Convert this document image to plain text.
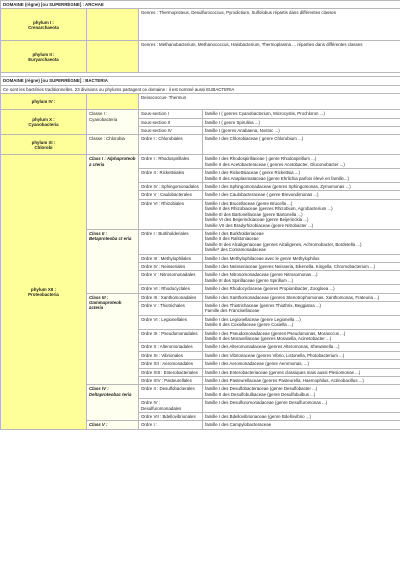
DOMAINE (règne) [ou SUPERRÈGNE] : ARCHAE			
phylum I :
Crenarchaeota		Genres : Thermoproteus, Desulfurococcus, Pyrodictium, Sulfolobus répartis dans différentes classes	
phylum II :
Euryarchaeota		Genres : Methanobacterium, Methanococcus, Halobacterium, Thermoplasma ... réparties dans différentes classes	

DOMAINE (règne) [ou SUPERRÈGNE] : BACTERIA			
Ce sont les bactéries traditionnelles. 23 divisions ou phylums partagent ce domaine : il est nommé aussi EUBACTERIA			
phylum IV :		Deinococcus- Thermus	
phylum X :
Cyanobacteria	Classe I : Cyanobacteria	Sous-section I	famille I ( genres Cyanobacterium, Microcystis, Prochloron ...)
		Sous-section II	famille I ( genre Spirulina ...)
		Sous-section IV	famille I (genres Anabaena, Nostoc ...)
phylum XI :
Chlorobi	Classe : Chlorobia	Ordre I : Chlorobiales	famille I des Chlorobiaceae ( genre Chlorobium ...)
phylum XII :
Proteobacteria	Class I : Alphaproteob a cteria	Ordre I : Rhodospirillales	famille I des Rhodospirillaceae ( genre Rhodospirillum ...)
famille II des Acetobacteraceae ( genres Acetobacter, Gluconobacter ...)
		Ordre II : Rickettsiales	famille I des Rickettsiaceae ( genre Rickettsia ...)
famille II des Anaplasmataceae (genre Ehrlichia parfois élevé en famille...)
		Ordre IV : Sphingomonadales	famille I des Sphingomonadaceae (genres Sphingomonas, Zymomonas ...)
		Ordre V : Caulobacterales	famille I des Caulobacteraceae ( genre Brevundimonas ...)
		Ordre VI : Rhizobiales	famille I des Brucellaceae (genre Brucella ...)
famille II des Rhizobiaceae (genres Rhizobium, Agrobacterium ...)
famille III des Bartonellaceae (genre Bartonella ...)
famille VI des Beijerinckiaceae (genre Beijerinckia ...)
famille VII des Bradyrhizobiaceae (genre Nitrobacter ...)
	Class II : Betaproteoba ct eria	Ordre I : Burkholderiales	famille I des Burkholderiaceae
famille II des Ralstoniaceae
famille III des Alcaligenaceae (genres Alcaligenes, Achromobacter, Bordetella ...)
famille* des Comamonadaceae
		Ordre III : Methylophilales	famille I des Methylophilaceae avec le genre Methylophilus
		Ordre IV : Neisseriales	famille I des Neisseriaceae (genres Neisseria, Eikenella, Kingella, Chromobacterium ...)
		Ordre V : Nitrosomonadales	famille I des Nitrosomonadaceae (genre Nitrosomonas ...)
famille III des Spirillaceae (genre Spirillum ...)
		Ordre VI : Rhodocyclales	famille I des Rhodocyclaceae (genres Propionibacter, Zoogloea ...)
	Class III : Gammaproteob acteria	Ordre III : Xanthomonadales	famille I des Xanthomonadaceae (genres Stenotrophomonas, Xanthomonas, Frateuria ...)
		Ordre V : Thiotrichales	famille I des Thiotrichaceae (genres Thiothrix, Beggiatoa ...)
Famille des Francisellaceae
		Ordre VI : Legionellales	famille I des Legionellaceae (genre Legionella ...)
famille II des Coxiellaceae (genre Coxiella ...)
		Ordre IX : Pseudomonadales	famille I des Pseudomonadaceae (genres Pseudomonas, Moraxccus ...)
famille II des Moraxellaceae (genres Moraxella, Acinetobacter ...)
		Ordre X : Alteromonadales	famille I des Alteromonadaceae (genres Alteromonas, Shewanella ...)
		Ordre XI : Vibrionales	famille I des Vibrionaceae (genres Vibrio, Listonella, Photobacterium ...)
		Ordre XII : Aeromonadales	famille I des Aeromonadaceae (genre Aeromonas, ...)
		Ordre XIII : Enterobacteriales	famille I des Enterobacteriaceae (genres classiques mais aussi Plesiomonas ...)
		Ordre XIV : Pasteurellales	famille I des Pasteurellaceae (genres Pasteurella, Haemophilus, Actinobacillus ...)
	Class IV : Deltaproteobac teria	Ordre II : Desulfobacterales	famille I des Desulfobacteraceae (genre Desulfobacter ...)
famille II des Desulfobulbaceae (genre Desulfobulbus ...)
		Ordre IV : Desulfuromonadales	famille I des Desulfuromonadaceae (genre Desulfuromonas ...)
		Ordre VII : Bdellovibrionales	famille I des Bdellovibrionaceae (genre Bdellovibrio ...)
	Class V :	Ordre I :	famille I des Campylobacteraceae
